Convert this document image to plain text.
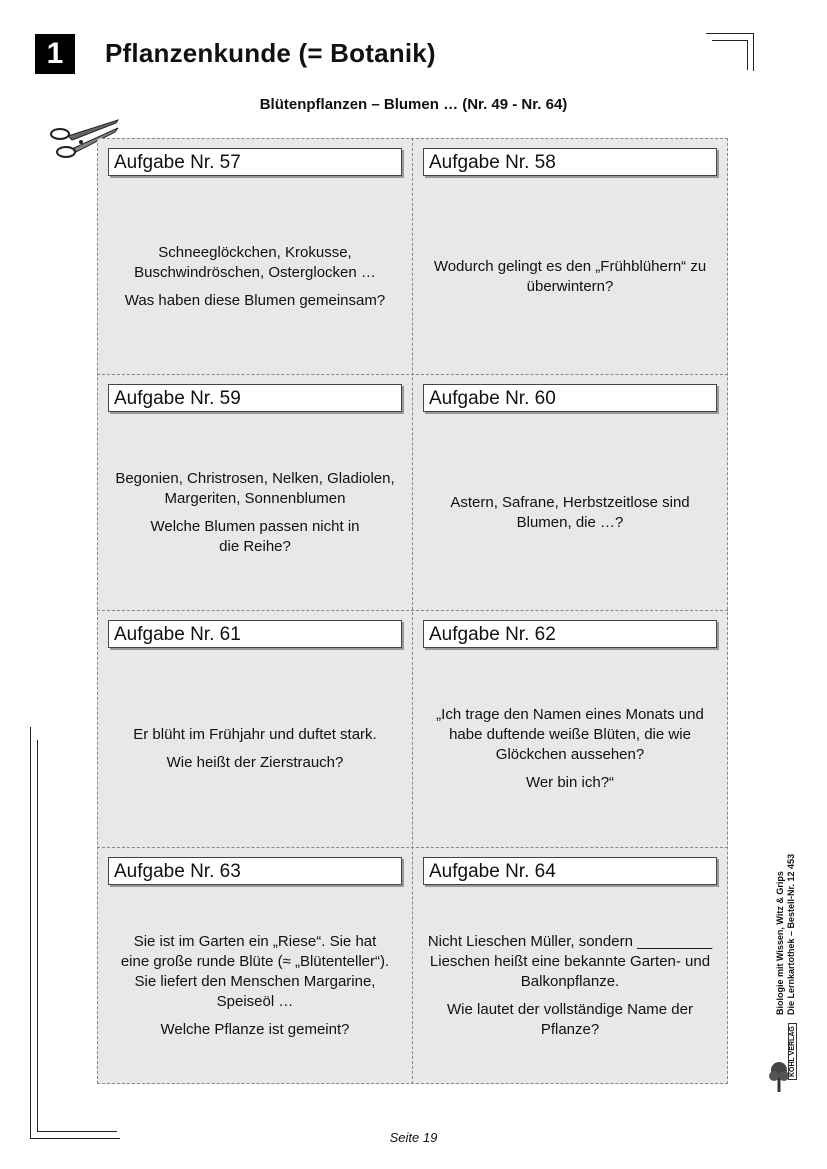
1	Pflanzenkunde (= Botanik)
Blütenpflanzen – Blumen … (Nr. 49 - Nr. 64)
Aufgabe Nr. 57

Schneeglöckchen, Krokusse, Buschwindröschen, Osterglocken …

Was haben diese Blumen gemeinsam?

Aufgabe Nr. 58

Wodurch gelingt es den „Frühblühern“ zu überwintern?

Aufgabe Nr. 59

Begonien, Christrosen, Nelken, Gladiolen, Margeriten, Sonnenblumen

Welche Blumen passen nicht in die Reihe?

Aufgabe Nr. 60

Astern, Safrane, Herbstzeitlose sind Blumen, die …?

Aufgabe Nr. 61

Er blüht im Frühjahr und duftet stark.

Wie heißt der Zierstrauch?

Aufgabe Nr. 62

„Ich trage den Namen eines Monats und habe duftende weiße Blüten, die wie Glöckchen aussehen?

Wer bin ich?“

Aufgabe Nr. 63

Sie ist im Garten ein „Riese“. Sie hat eine große runde Blüte (≈ „Blütenteller“). Sie liefert den Menschen Margarine, Speiseöl …

Welche Pflanze ist gemeint?

Aufgabe Nr. 64

Nicht Lieschen Müller, sondern _________ Lieschen heißt eine bekannte Garten- und Balkonpflanze.

Wie lautet der vollständige Name der Pflanze?

Biologie mit Wissen, Witz & Grips Die Lernkartothek – Bestell-Nr. 12 453
KOHL VERLAG
Seite 19
